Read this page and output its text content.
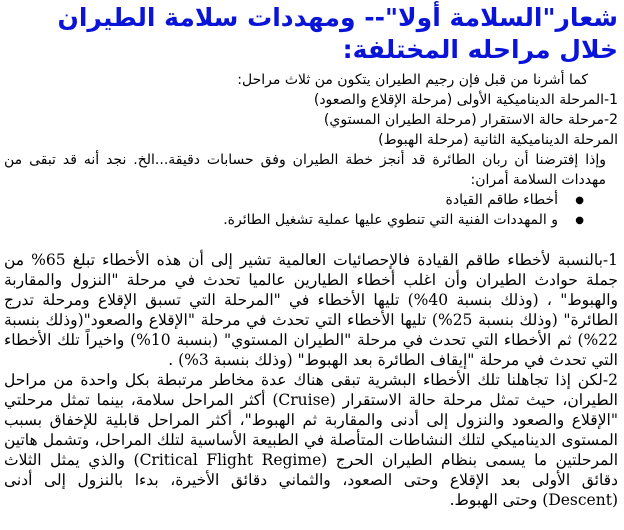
شعار"السلامة أولا"-- ومهددات سلامة الطيران خلال مراحله المختلفة:
كما أشرنا من قبل فإن رجيم الطيران يتكون من ثلاث مراحل:
1-المرحلة الديناميكية الأولى (مرحلة الإقلاع والصعود)
2-مرحلة حالة الاستقرار (مرحلة الطيران المستوي)
المرحلة الديناميكية الثانية (مرحلة الهبوط)

وإذا إفترضنا أن ربان الطائرة قد أنجز خطة الطيران وفق حسابات دقيقة...الخ. نجد أنه قد تبقى من مهددات السلامة أمران:

● أخطاء طاقم القيادة
● و المهددات الفنية التي تنطوي عليها عملية تشغيل الطائرة.

1-بالنسبة لأخطاء طاقم القيادة فالإحصائيات العالمية تشير إلى أن هذه الأخطاء تبلغ 65% من جملة حوادث الطيران وأن اغلب أخطاء الطيارين عالميا تحدث في مرحلة "النزول والمقاربة والهبوط" ، (وذلك بنسبة 40%) تليها الأخطاء في "المرحلة التي تسبق الإقلاع ومرحلة تدرج الطائرة" (وذلك بنسبة 25%) تليها الأخطاء التي تحدث في مرحلة "الإقلاع والصعود"(وذلك بنسبة 22%) ثم الأخطاء التي تحدث في مرحلة "الطيران المستوي" (بنسبة 10%) واخيراً تلك الأخطاء التي تحدث في مرحلة "إيقاف الطائرة بعد الهبوط" (وذلك بنسبة 3%) .

2-لكن إذا تجاهلنا تلك الأخطاء البشرية تبقى هناك عدة مخاطر مرتبطة بكل واحدة من مراحل الطيران، حيث تمثل مرحلة حالة الاستقرار (Cruise) أكثر المراحل سلامة، بينما تمثل مرحلتي "الإقلاع والصعود والنزول إلى أدنى والمقاربة ثم الهبوط"، أكثر المراحل قابلية للإخفاق بسبب المستوى الديناميكي لتلك النشاطات المتأصلة في الطبيعة الأساسية لتلك المراحل، وتشمل هاتين المرحلتين ما يسمى بنظام الطيران الحرج (Critical Flight Regime) والذي يمثل الثلاث دقائق الأولى بعد الإقلاع وحتى الصعود، والثماني دقائق الأخيرة، بدءا بالنزول إلى أدنى (Descent) وحتى الهبوط.
